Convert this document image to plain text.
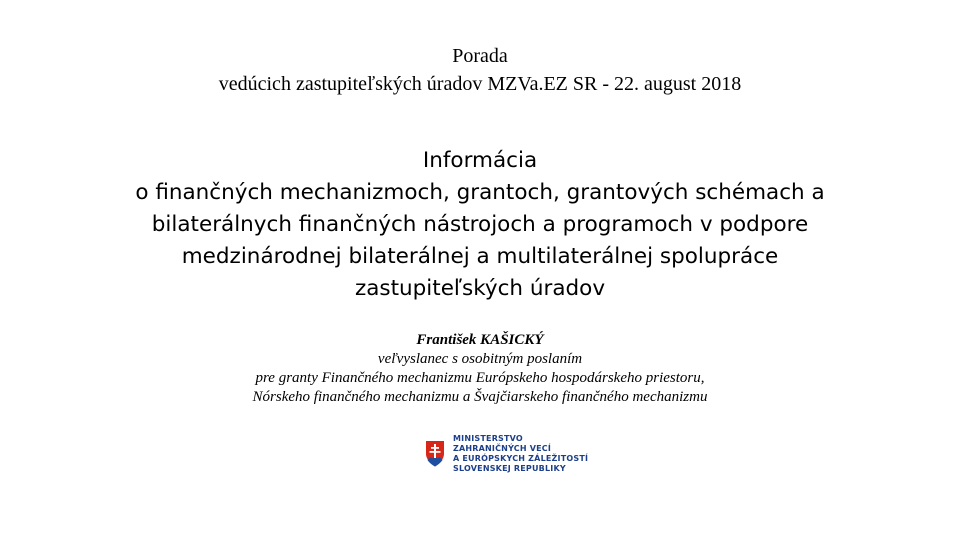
Porada
vedúcich zastupiteľských úradov MZVa.EZ SR - 22. august 2018
Informácia
o finančných mechanizmoch, grantoch, grantových schémach a
bilaterálnych finančných nástrojoch a programoch v podpore
medzinárodnej bilaterálnej a multilaterálnej spolupráce
zastupiteľských úradov
František KAŠICKÝ
veľvyslanec s osobitným poslaním
pre granty Finančného mechanizmu Európskeho hospodárskeho priestoru,
Nórskeho finančného mechanizmu a Švajčiarskeho finančného mechanizmu
MINISTERSTVO
ZAHRANIČNÝCH VECÍ
A EURÓPSKYCH ZÁLEŽITOSTÍ
SLOVENSKEJ REPUBLIKY
